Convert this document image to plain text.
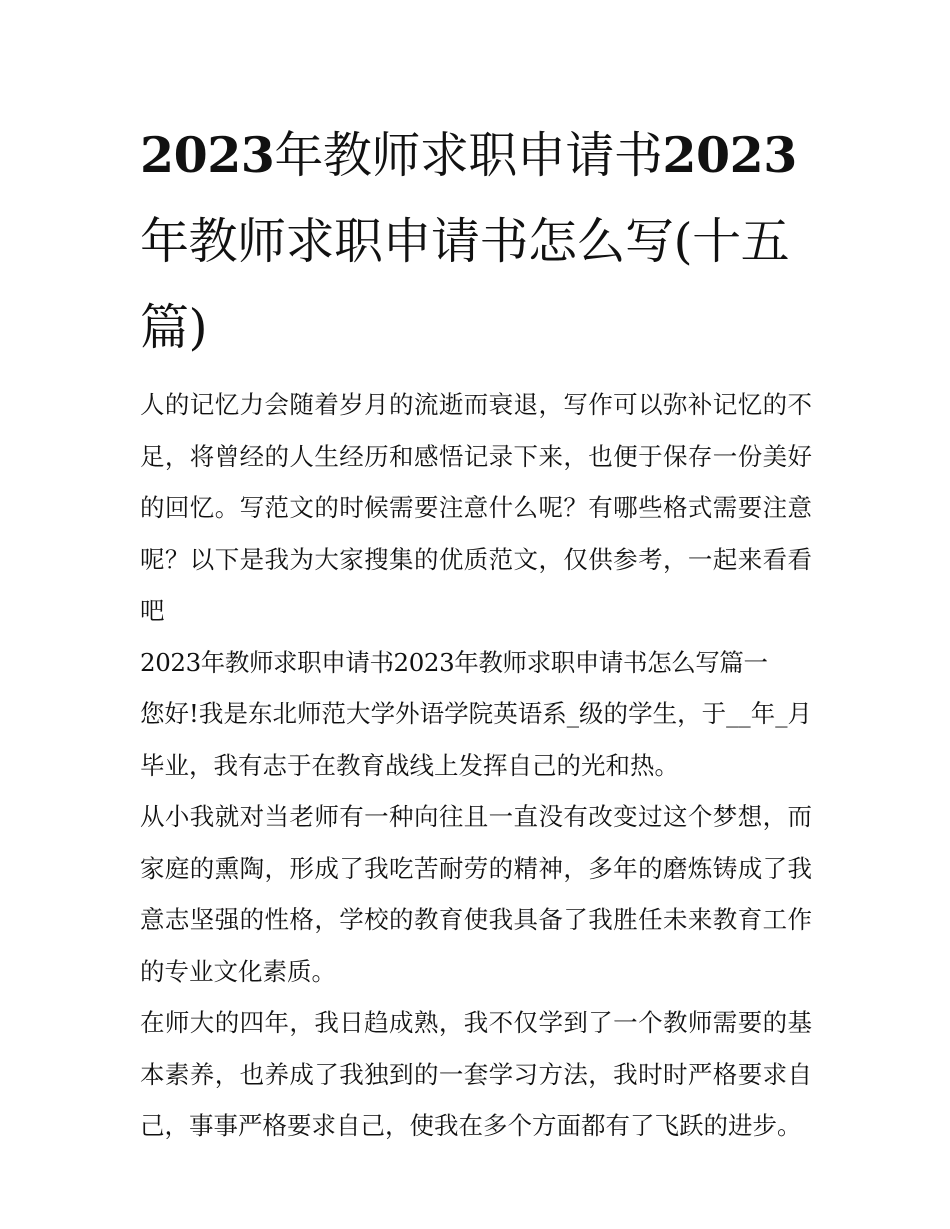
2023年教师求职申请书2023年教师求职申请书怎么写(十五篇)

人的记忆力会随着岁月的流逝而衰退，写作可以弥补记忆的不足，将曾经的人生经历和感悟记录下来，也便于保存一份美好的回忆。写范文的时候需要注意什么呢？有哪些格式需要注意呢？以下是我为大家搜集的优质范文，仅供参考，一起来看看吧

2023年教师求职申请书2023年教师求职申请书怎么写篇一

您好!我是东北师范大学外语学院英语系_级的学生，于__年_月毕业，我有志于在教育战线上发挥自己的光和热。

从小我就对当老师有一种向往且一直没有改变过这个梦想，而家庭的熏陶，形成了我吃苦耐劳的精神，多年的磨炼铸成了我意志坚强的性格，学校的教育使我具备了我胜任未来教育工作的专业文化素质。

在师大的四年，我日趋成熟，我不仅学到了一个教师需要的基本素养，也养成了我独到的一套学习方法，我时时严格要求自己，事事严格要求自己，使我在多个方面都有了飞跃的进步。
